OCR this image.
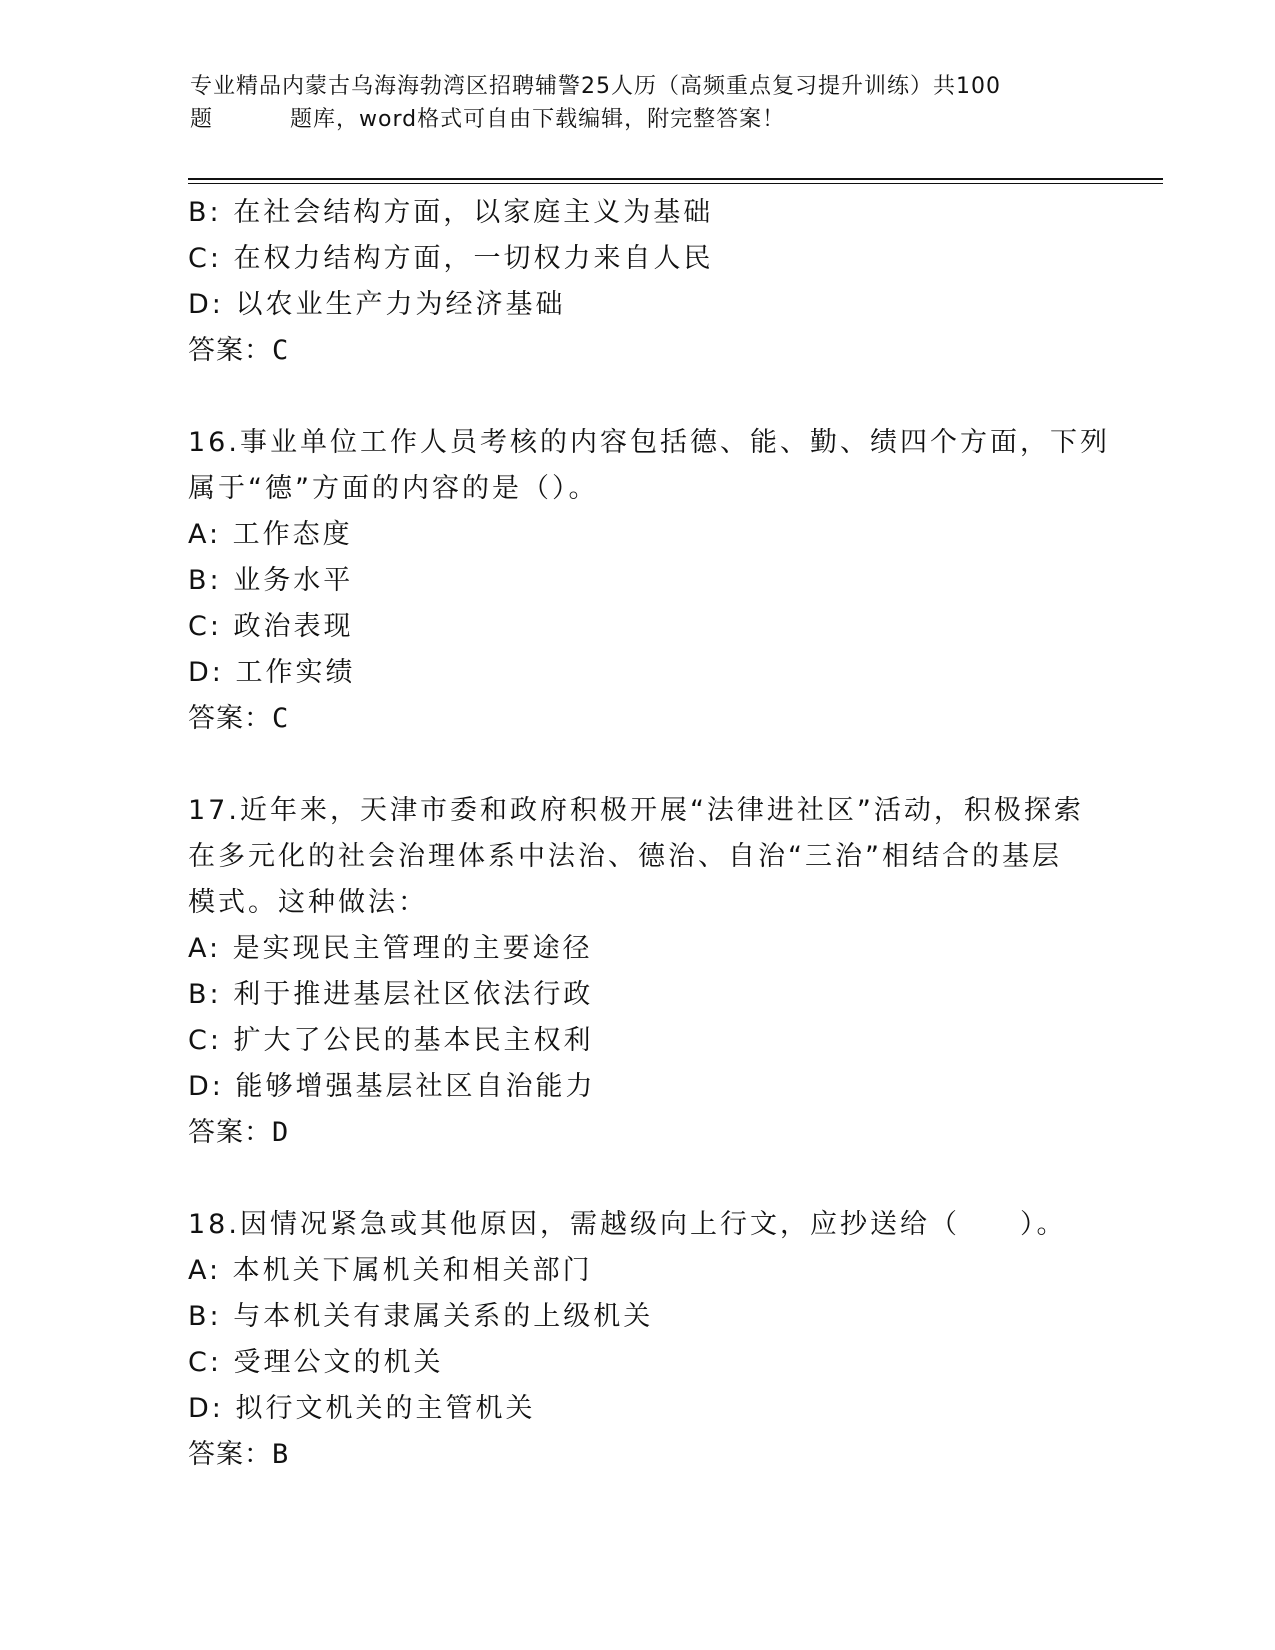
专业精品内蒙古乌海海勃湾区招聘辅警25人历（高频重点复习提升训练）共100
题	题库，word格式可自由下载编辑，附完整答案！
B: 在社会结构方面，以家庭主义为基础
C: 在权力结构方面，一切权力来自人民
D: 以农业生产力为经济基础
答案：C
16.事业单位工作人员考核的内容包括德、能、勤、绩四个方面，下列
属于“德”方面的内容的是（）。
A: 工作态度
B: 业务水平
C: 政治表现
D: 工作实绩
答案：C
17.近年来，天津市委和政府积极开展“法律进社区”活动，积极探索
在多元化的社会治理体系中法治、德治、自治“三治”相结合的基层
模式。这种做法：
A: 是实现民主管理的主要途径
B: 利于推进基层社区依法行政
C: 扩大了公民的基本民主权利
D: 能够增强基层社区自治能力
答案：D
18.因情况紧急或其他原因，需越级向上行文，应抄送给（　　）。
A: 本机关下属机关和相关部门
B: 与本机关有隶属关系的上级机关
C: 受理公文的机关
D: 拟行文机关的主管机关
答案：B
